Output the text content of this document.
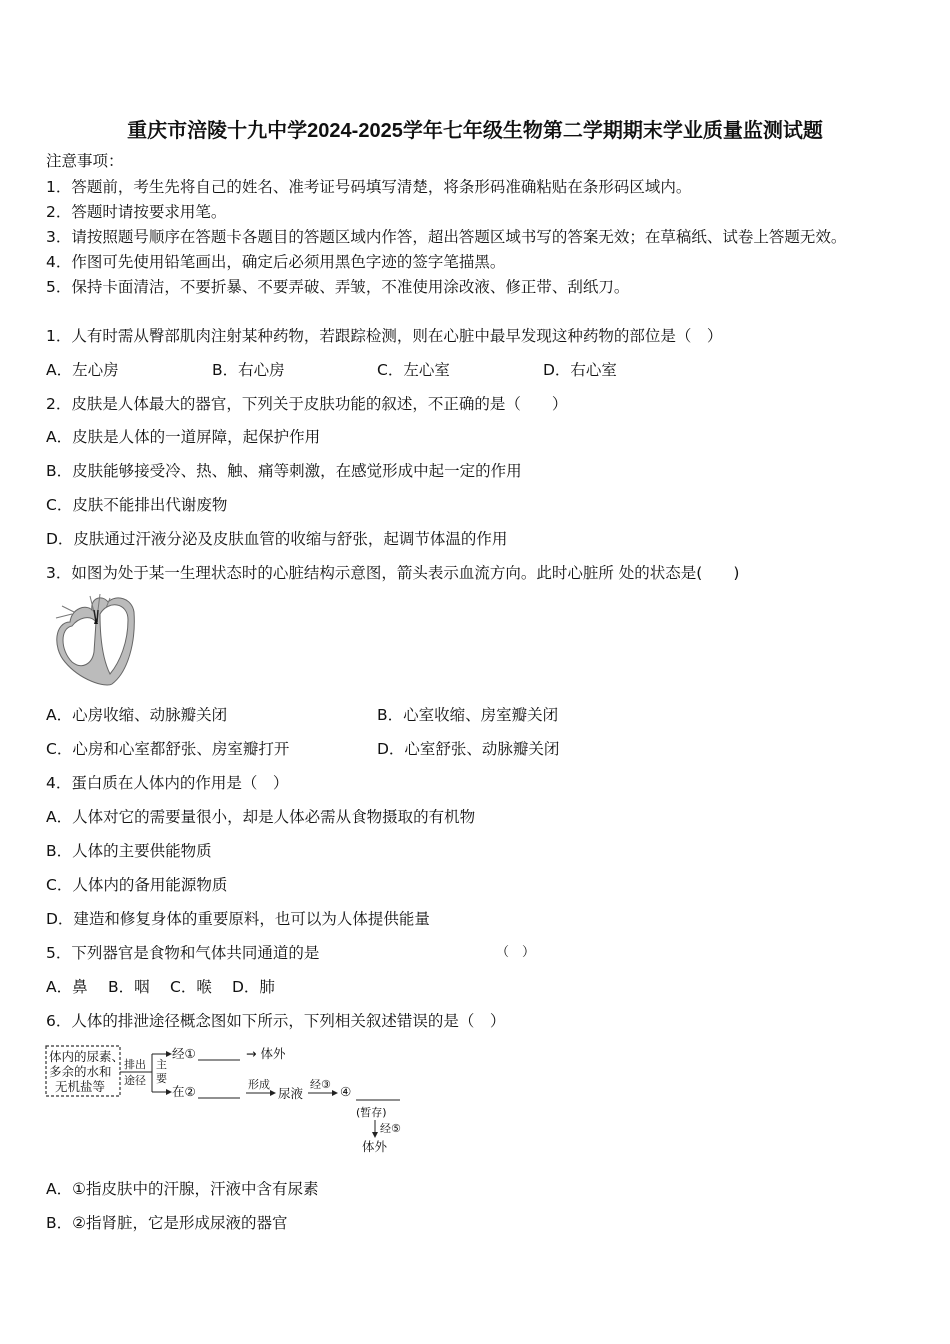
重庆市涪陵十九中学2024-2025学年七年级生物第二学期期末学业质量监测试题
注意事项：
1．答题前，考生先将自己的姓名、准考证号码填写清楚，将条形码准确粘贴在条形码区域内。
2．答题时请按要求用笔。
3．请按照题号顺序在答题卡各题目的答题区域内作答，超出答题区域书写的答案无效；在草稿纸、试卷上答题无效。
4．作图可先使用铅笔画出，确定后必须用黑色字迹的签字笔描黑。
5．保持卡面清洁，不要折暴、不要弄破、弄皱，不准使用涂改液、修正带、刮纸刀。
1．人有时需从臀部肌肉注射某种药物，若跟踪检测，则在心脏中最早发现这种药物的部位是（　）
A．左心房	B．右心房	C．左心室	D．右心室
2．皮肤是人体最大的器官，下列关于皮肤功能的叙述，不正确的是（　　）
A．皮肤是人体的一道屏障，起保护作用
B．皮肤能够接受冷、热、触、痛等刺激，在感觉形成中起一定的作用
C．皮肤不能排出代谢废物
D．皮肤通过汗液分泌及皮肤血管的收缩与舒张，起调节体温的作用
3．如图为处于某一生理状态时的心脏结构示意图，箭头表示血流方向。此时心脏所 处的状态是(　　)
A．心房收缩、动脉瓣关闭	B．心室收缩、房室瓣关闭
C．心房和心室都舒张、房室瓣打开	D．心室舒张、动脉瓣关闭
4．蛋白质在人体内的作用是（　）
A．人体对它的需要量很小，却是人体必需从食物摄取的有机物
B．人体的主要供能物质
C．人体内的备用能源物质
D．建造和修复身体的重要原料，也可以为人体提供能量
5．下列器官是食物和气体共同通道的是	（　）
A．鼻 B．咽 C．喉 D．肺
6．人体的排泄途径概念图如下所示，下列相关叙述错误的是（　）
体内的尿素、
多余的水和
无机盐等
排出
途径
主
要
经①	→ 体外
在②	形成
尿液
经③ ④
(暂存)
经⑤
体外
A．①指皮肤中的汗腺，汗液中含有尿素
B．②指肾脏，它是形成尿液的器官
